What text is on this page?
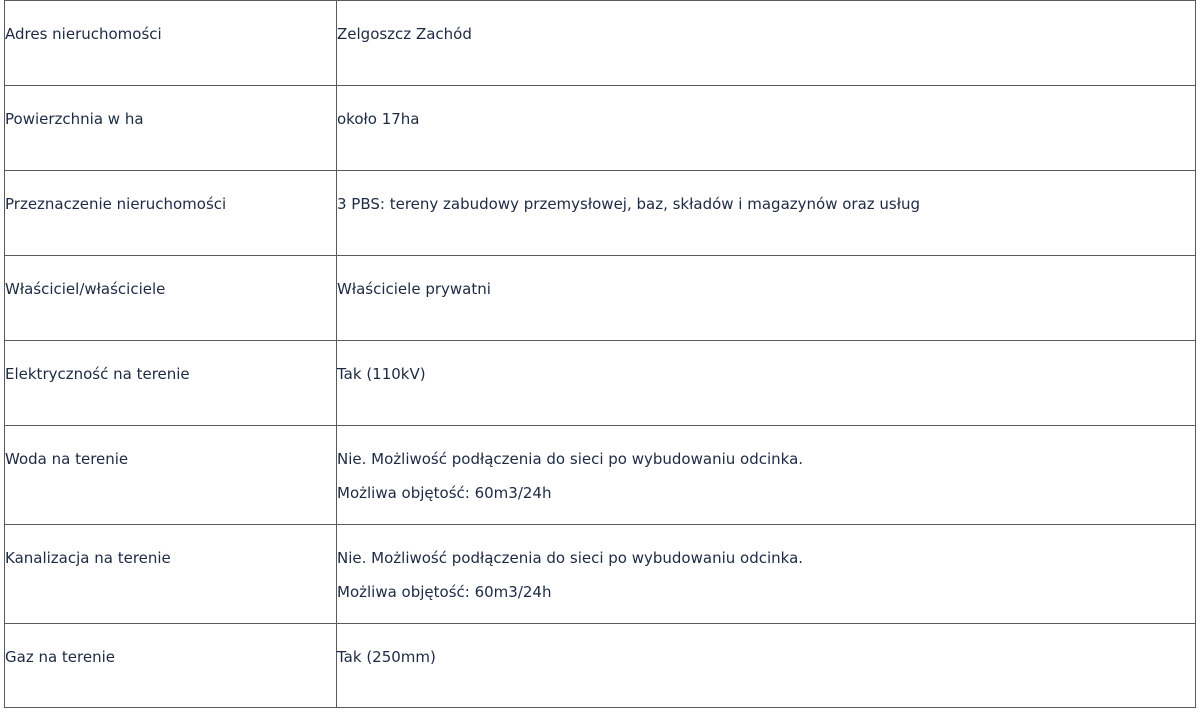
Adres nieruchomości	Zelgoszcz Zachód

Powierzchnia w ha	około 17ha

Przeznaczenie nieruchomości	3 PBS: tereny zabudowy przemysłowej, baz, składów i magazynów oraz usług

Właściciel/właściciele	Właściciele prywatni

Elektryczność na terenie	Tak (110kV)

Woda na terenie	Nie. Możliwość podłączenia do sieci po wybudowaniu odcinka.
Możliwa objętość: 60m3/24h

Kanalizacja na terenie	Nie. Możliwość podłączenia do sieci po wybudowaniu odcinka.
Możliwa objętość: 60m3/24h

Gaz na terenie	Tak (250mm)
